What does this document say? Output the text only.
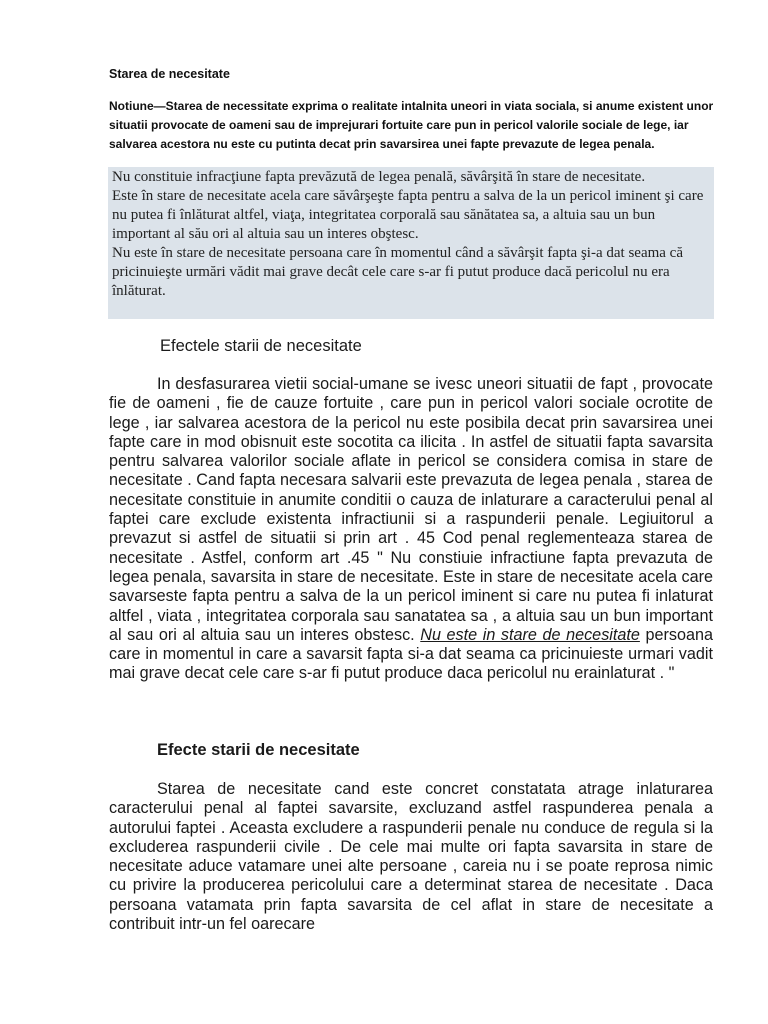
Starea de necesitate

Notiune—Starea de necessitate exprima o realitate intalnita uneori in viata sociala, si anume existent unor situatii provocate de oameni sau de imprejurari fortuite care pun in pericol valorile sociale de lege, iar salvarea acestora nu este cu putinta decat prin savarsirea unei fapte prevazute de legea penala.

Nu constituie infracţiune fapta prevăzută de legea penală, săvârşită în stare de necesitate.

Este în stare de necesitate acela care săvârşeşte fapta pentru a salva de la un pericol iminent şi care nu putea fi înlăturat altfel, viaţa, integritatea corporală sau sănătatea sa, a altuia sau un bun important al său ori al altuia sau un interes obştesc.

Nu este în stare de necesitate persoana care în momentul când a săvârşit fapta şi-a dat seama că pricinuieşte urmări vădit mai grave decât cele care s-ar fi putut produce dacă pericolul nu era înlăturat.

Efectele starii de necesitate

In desfasurarea vietii social-umane se ivesc uneori situatii de fapt , provocate fie de oameni , fie de cauze fortuite , care pun in pericol valori sociale ocrotite de lege , iar salvarea acestora de la pericol nu este posibila decat prin savarsirea unei fapte care in mod obisnuit este socotita ca ilicita . In astfel de situatii fapta savarsita pentru salvarea valorilor sociale aflate in pericol se considera comisa in stare de necesitate . Cand fapta necesara salvarii este prevazuta de legea penala , starea de necesitate constituie in anumite conditii o cauza de inlaturare a caracterului penal al faptei care exclude existenta infractiunii si a raspunderii penale. Legiuitorul a prevazut si astfel de situatii si prin art . 45 Cod penal reglementeaza starea de necesitate . Astfel, conform art .45 " Nu constiuie infractiune fapta prevazuta de legea penala, savarsita in stare de necesitate. Este in stare de necesitate acela care savarseste fapta pentru a salva de la un pericol iminent si care nu putea fi inlaturat altfel , viata , integritatea corporala sau sanatatea sa , a altuia sau un bun important al sau ori al altuia sau un interes obstesc. Nu este in stare de necesitate persoana care in momentul in care a savarsit fapta si-a dat seama ca pricinuieste urmari vadit mai grave decat cele care s-ar fi putut produce daca pericolul nu erainlaturat . "

Efecte starii de necesitate

Starea de necesitate cand este concret constatata atrage inlaturarea caracterului penal al faptei savarsite, excluzand astfel raspunderea penala a autorului faptei . Aceasta excludere a raspunderii penale nu conduce de regula si la excluderea raspunderii civile . De cele mai multe ori fapta savarsita in stare de necesitate aduce vatamare unei alte persoane , careia nu i se poate reprosa nimic cu privire la producerea pericolului care a determinat starea de necesitate . Daca persoana vatamata prin fapta savarsita de cel aflat in stare de necesitate a contribuit intr-un fel oarecare
